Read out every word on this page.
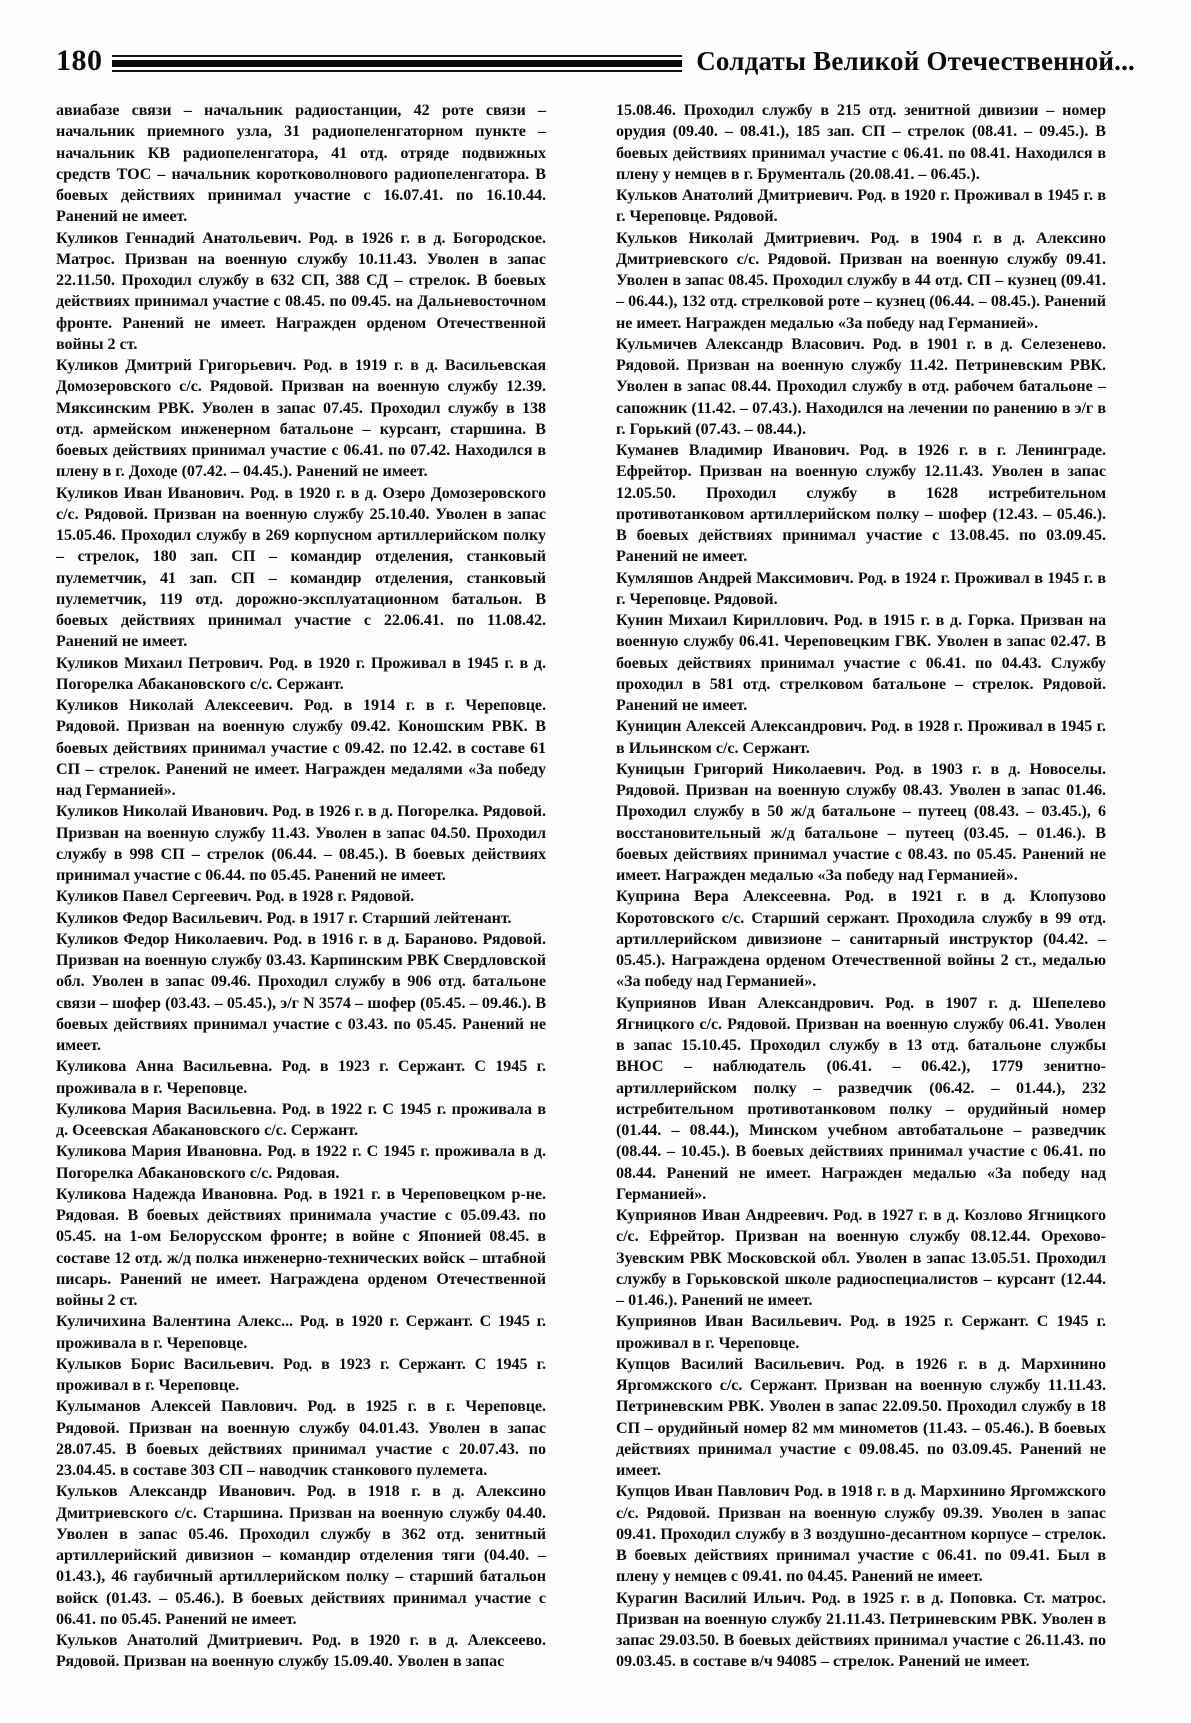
180	Солдаты Великой Отечественной...

авиабазе связи – начальник радиостанции, 42 роте связи – начальник приемного узла, 31 радиопеленгаторном пункте – начальник КВ радиопеленгатора, 41 отд. отряде подвижных средств ТОС – начальник коротковолнового радиопеленгатора. В боевых действиях принимал участие с 16.07.41. по 16.10.44. Ранений не имеет.

Куликов Геннадий Анатольевич. Род. в 1926 г. в д. Богородское. Матрос. Призван на военную службу 10.11.43. Уволен в запас 22.11.50. Проходил службу в 632 СП, 388 СД – стрелок. В боевых действиях принимал участие с 08.45. по 09.45. на Дальневосточном фронте. Ранений не имеет. Награжден орденом Отечественной войны 2 ст.

Куликов Дмитрий Григорьевич. Род. в 1919 г. в д. Васильевская Домозеровского с/с. Рядовой. Призван на военную службу 12.39. Мяксинским РВК. Уволен в запас 07.45. Проходил службу в 138 отд. армейском инженерном батальоне – курсант, старшина. В боевых действиях принимал участие с 06.41. по 07.42. Находился в плену в г. Доходе (07.42. – 04.45.). Ранений не имеет.

Куликов Иван Иванович. Род. в 1920 г. в д. Озеро Домозеровского с/с. Рядовой. Призван на военную службу 25.10.40. Уволен в запас 15.05.46. Проходил службу в 269 корпусном артиллерийском полку – стрелок, 180 зап. СП – командир отделения, станковый пулеметчик, 41 зап. СП – командир отделения, станковый пулеметчик, 119 отд. дорожно-эксплуатационном батальон. В боевых действиях принимал участие с 22.06.41. по 11.08.42. Ранений не имеет.

Куликов Михаил Петрович. Род. в 1920 г. Проживал в 1945 г. в д. Погорелка Абакановского с/с. Сержант.

Куликов Николай Алексеевич. Род. в 1914 г. в г. Череповце. Рядовой. Призван на военную службу 09.42. Коношским РВК. В боевых действиях принимал участие с 09.42. по 12.42. в составе 61 СП – стрелок. Ранений не имеет. Награжден медалями «За победу над Германией».

Куликов Николай Иванович. Род. в 1926 г. в д. Погорелка. Рядовой. Призван на военную службу 11.43. Уволен в запас 04.50. Проходил службу в 998 СП – стрелок (06.44. – 08.45.). В боевых действиях принимал участие с 06.44. по 05.45. Ранений не имеет.

Куликов Павел Сергеевич. Род. в 1928 г. Рядовой.

Куликов Федор Васильевич. Род. в 1917 г. Старший лейтенант.

Куликов Федор Николаевич. Род. в 1916 г. в д. Бараново. Рядовой. Призван на военную службу 03.43. Карпинским РВК Свердловской обл. Уволен в запас 09.46. Проходил службу в 906 отд. батальоне связи – шофер (03.43. – 05.45.), э/г N 3574 – шофер (05.45. – 09.46.). В боевых действиях принимал участие с 03.43. по 05.45. Ранений не имеет.

Куликова Анна Васильевна. Род. в 1923 г. Сержант. С 1945 г. проживала в г. Череповце.

Куликова Мария Васильевна. Род. в 1922 г. С 1945 г. проживала в д. Осеевская Абакановского с/с. Сержант.

Куликова Мария Ивановна. Род. в 1922 г. С 1945 г. проживала в д. Погорелка Абакановского с/с. Рядовая.

Куликова Надежда Ивановна. Род. в 1921 г. в Череповецком р-не. Рядовая. В боевых действиях принимала участие с 05.09.43. по 05.45. на 1-ом Белорусском фронте; в войне с Японией 08.45. в составе 12 отд. ж/д полка инженерно-технических войск – штабной писарь. Ранений не имеет. Награждена орденом Отечественной войны 2 ст.

Куличихина Валентина Алекс... Род. в 1920 г. Сержант. С 1945 г. проживала в г. Череповце.

Кулыков Борис Васильевич. Род. в 1923 г. Сержант. С 1945 г. проживал в г. Череповце.

Кулыманов Алексей Павлович. Род. в 1925 г. в г. Череповце. Рядовой. Призван на военную службу 04.01.43. Уволен в запас 28.07.45. В боевых действиях принимал участие с 20.07.43. по 23.04.45. в составе 303 СП – наводчик станкового пулемета.

Кульков Александр Иванович. Род. в 1918 г. в д. Алексино Дмитриевского с/с. Старшина. Призван на военную службу 04.40. Уволен в запас 05.46. Проходил службу в 362 отд. зенитный артиллерийский дивизион – командир отделения тяги (04.40. – 01.43.), 46 гаубичный артиллерийском полку – старший батальон войск (01.43. – 05.46.). В боевых действиях принимал участие с 06.41. по 05.45. Ранений не имеет.

Кульков Анатолий Дмитриевич. Род. в 1920 г. в д. Алексеево. Рядовой. Призван на военную службу 15.09.40. Уволен в запас

15.08.46. Проходил службу в 215 отд. зенитной дивизии – номер орудия (09.40. – 08.41.), 185 зап. СП – стрелок (08.41. – 09.45.). В боевых действиях принимал участие с 06.41. по 08.41. Находился в плену у немцев в г. Брументаль (20.08.41. – 06.45.).

Кульков Анатолий Дмитриевич. Род. в 1920 г. Проживал в 1945 г. в г. Череповце. Рядовой.

Кульков Николай Дмитриевич. Род. в 1904 г. в д. Алексино Дмитриевского с/с. Рядовой. Призван на военную службу 09.41. Уволен в запас 08.45. Проходил службу в 44 отд. СП – кузнец (09.41. – 06.44.), 132 отд. стрелковой роте – кузнец (06.44. – 08.45.). Ранений не имеет. Награжден медалью «За победу над Германией».

Кульмичев Александр Власович. Род. в 1901 г. в д. Селезенево. Рядовой. Призван на военную службу 11.42. Петриневским РВК. Уволен в запас 08.44. Проходил службу в отд. рабочем батальоне – сапожник (11.42. – 07.43.). Находился на лечении по ранению в э/г в г. Горький (07.43. – 08.44.).

Куманев Владимир Иванович. Род. в 1926 г. в г. Ленинграде. Ефрейтор. Призван на военную службу 12.11.43. Уволен в запас 12.05.50. Проходил службу в 1628 истребительном противотанковом артиллерийском полку – шофер (12.43. – 05.46.). В боевых действиях принимал участие с 13.08.45. по 03.09.45. Ранений не имеет.

Кумляшов Андрей Максимович. Род. в 1924 г. Проживал в 1945 г. в г. Череповце. Рядовой.

Кунин Михаил Кириллович. Род. в 1915 г. в д. Горка. Призван на военную службу 06.41. Череповецким ГВК. Уволен в запас 02.47. В боевых действиях принимал участие с 06.41. по 04.43. Службу проходил в 581 отд. стрелковом батальоне – стрелок. Рядовой. Ранений не имеет.

Куницин Алексей Александрович. Род. в 1928 г. Проживал в 1945 г. в Ильинском с/с. Сержант.

Куницын Григорий Николаевич. Род. в 1903 г. в д. Новоселы. Рядовой. Призван на военную службу 08.43. Уволен в запас 01.46. Проходил службу в 50 ж/д батальоне – путеец (08.43. – 03.45.), 6 восстановительный ж/д батальоне – путеец (03.45. – 01.46.). В боевых действиях принимал участие с 08.43. по 05.45. Ранений не имеет. Награжден медалью «За победу над Германией».

Куприна Вера Алексеевна. Род. в 1921 г. в д. Клопузово Коротовского с/с. Старший сержант. Проходила службу в 99 отд. артиллерийском дивизионе – санитарный инструктор (04.42. – 05.45.). Награждена орденом Отечественной войны 2 ст., медалью «За победу над Германией».

Куприянов Иван Александрович. Род. в 1907 г. д. Шепелево Ягницкого с/с. Рядовой. Призван на военную службу 06.41. Уволен в запас 15.10.45. Проходил службу в 13 отд. батальоне службы ВНОС – наблюдатель (06.41. – 06.42.), 1779 зенитно-артиллерийском полку – разведчик (06.42. – 01.44.), 232 истребительном противотанковом полку – орудийный номер (01.44. – 08.44.), Минском учебном автобатальоне – разведчик (08.44. – 10.45.). В боевых действиях принимал участие с 06.41. по 08.44. Ранений не имеет. Награжден медалью «За победу над Германией».

Куприянов Иван Андреевич. Род. в 1927 г. в д. Козлово Ягницкого с/с. Ефрейтор. Призван на военную службу 08.12.44. Орехово-Зуевским РВК Московской обл. Уволен в запас 13.05.51. Проходил службу в Горьковской школе радиоспециалистов – курсант (12.44. – 01.46.). Ранений не имеет.

Куприянов Иван Васильевич. Род. в 1925 г. Сержант. С 1945 г. проживал в г. Череповце.

Купцов Василий Васильевич. Род. в 1926 г. в д. Мархинино Яргомжского с/с. Сержант. Призван на военную службу 11.11.43. Петриневским РВК. Уволен в запас 22.09.50. Проходил службу в 18 СП – орудийный номер 82 мм минометов (11.43. – 05.46.). В боевых действиях принимал участие с 09.08.45. по 03.09.45. Ранений не имеет.

Купцов Иван Павлович Род. в 1918 г. в д. Мархинино Яргомжского с/с. Рядовой. Призван на военную службу 09.39. Уволен в запас 09.41. Проходил службу в 3 воздушно-десантном корпусе – стрелок. В боевых действиях принимал участие с 06.41. по 09.41. Был в плену у немцев с 09.41. по 04.45. Ранений не имеет.

Курагин Василий Ильич. Род. в 1925 г. в д. Поповка. Ст. матрос. Призван на военную службу 21.11.43. Петриневским РВК. Уволен в запас 29.03.50. В боевых действиях принимал участие с 26.11.43. по 09.03.45. в составе в/ч 94085 – стрелок. Ранений не имеет.
